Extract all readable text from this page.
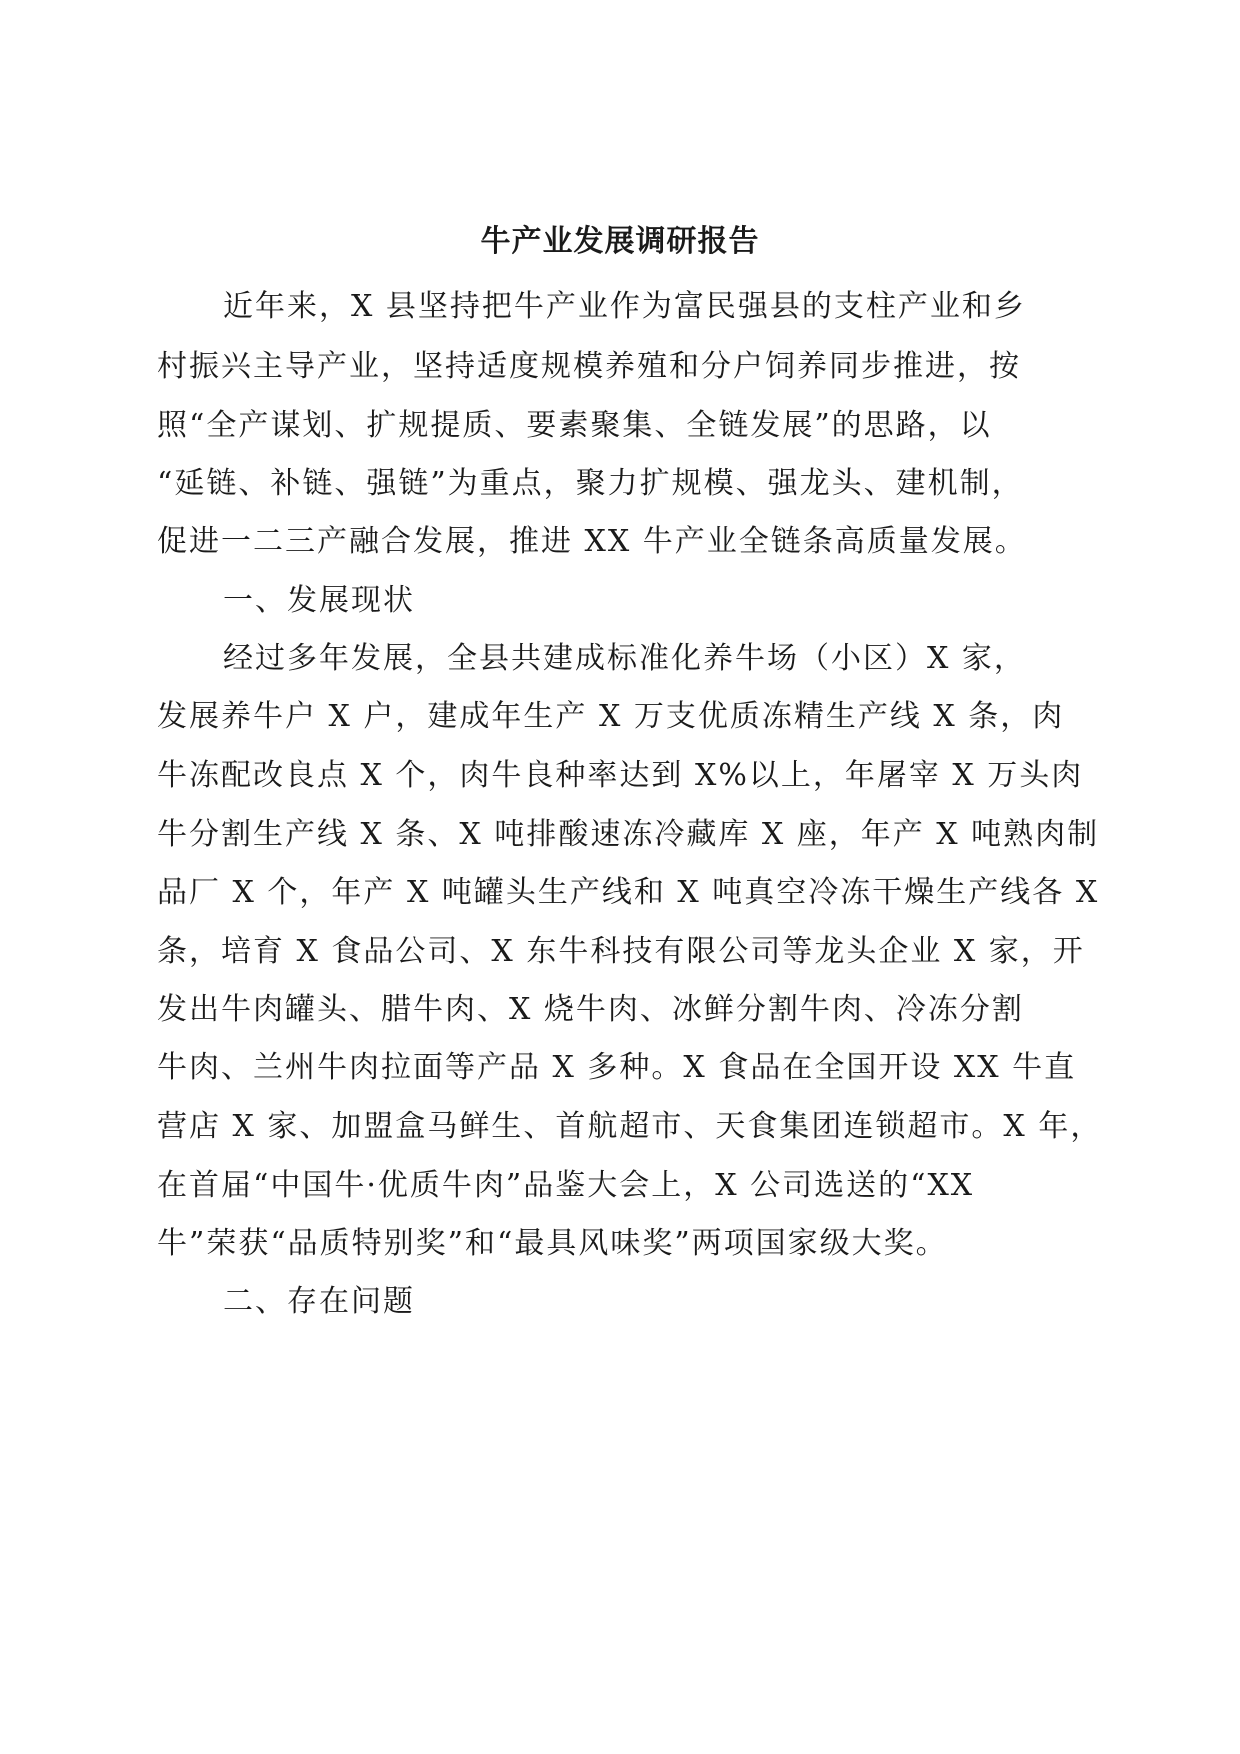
牛产业发展调研报告

近年来，X 县坚持把牛产业作为富民强县的支柱产业和乡

村振兴主导产业，坚持适度规模养殖和分户饲养同步推进，按

照“全产谋划、扩规提质、要素聚集、全链发展”的思路，以

“延链、补链、强链”为重点，聚力扩规模、强龙头、建机制，

促进一二三产融合发展，推进 XX 牛产业全链条高质量发展。

一、发展现状

经过多年发展，全县共建成标准化养牛场（小区）X 家，

发展养牛户 X 户，建成年生产 X 万支优质冻精生产线 X 条，肉

牛冻配改良点 X 个，肉牛良种率达到 X%以上，年屠宰 X 万头肉

牛分割生产线 X 条、X 吨排酸速冻冷藏库 X 座，年产 X 吨熟肉制

品厂 X 个，年产 X 吨罐头生产线和 X 吨真空冷冻干燥生产线各 X

条，培育 X 食品公司、X 东牛科技有限公司等龙头企业 X 家，开

发出牛肉罐头、腊牛肉、X 烧牛肉、冰鲜分割牛肉、冷冻分割

牛肉、兰州牛肉拉面等产品 X 多种。X 食品在全国开设 XX 牛直

营店 X 家、加盟盒马鲜生、首航超市、天食集团连锁超市。X 年，

在首届“中国牛·优质牛肉”品鉴大会上，X 公司选送的“XX

牛”荣获“品质特别奖”和“最具风味奖”两项国家级大奖。

二、存在问题
